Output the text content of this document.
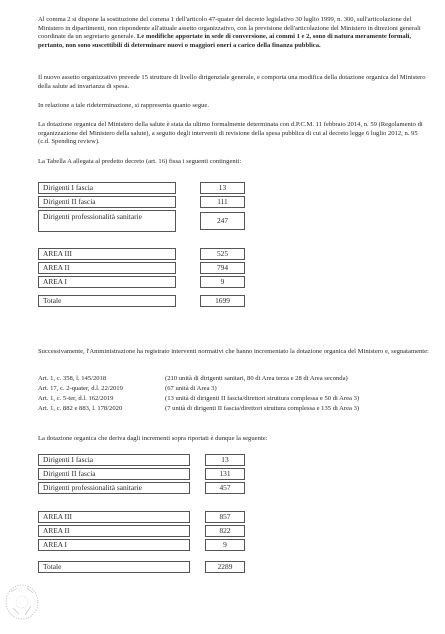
Al comma 2 si dispone la sostituzione del comma 1 dell'articolo 47-quater del decreto legislativo 30 luglio 1999, n. 300, sull'articolazione del Ministero in dipartimenti, non rispondente all'attuale assetto organizzativo, con la previsione dell'articolazione del Ministero in direzioni generali coordinate da un segretario generale. Le modifiche apportate in sede di conversione, ai commi 1 e 2, sono di natura meramente formali, pertanto, non sono suscettibili di determinare nuovi o maggiori oneri a carico della finanza pubblica.

Il nuovo assetto organizzativo prevede 15 strutture di livello dirigenziale generale, e comporta una modifica della dotazione organica del Ministero della salute ad invarianza di spesa.

In relazione a tale rideterminazione, si rappresenta quanto segue.

La dotazione organica del Ministero della salute è stata da ultimo formalmente determinata con d.P.C.M. 11 febbraio 2014, n. 59 (Regolamento di organizzazione del Ministero della salute), a seguito degli interventi di revisione della spesa pubblica di cui al decreto legge 6 luglio 2012, n. 95 (c.d. Spending review).

La Tabella A allegata al predetto decreto (art. 16) fissa i seguenti contingenti:

Dirigenti I fascia	13
Dirigenti II fascia	111
Dirigenti professionalità sanitarie	247
AREA III	525
AREA II	794
AREA I	9
Totale	1699

Successivamente, l'Amministrazione ha registrato interventi normativi che hanno incrementato la dotazione organica del Ministero e, segnatamente:

Art. 1, c. 358, l. 145/2018	(210 unità di dirigenti sanitari, 80 di Area terza e 28 di Area seconda)
Art. 17, c. 2-quater, d.l. 22/2019	(67 unità di Area 3)
Art. 1, c. 5-ter, d.l. 162/2019	(13 unità di dirigenti II fascia/direttori struttura complessa e 50 di Area 3)
Art. 1, c. 882 e 883, l. 178/2020	(7 unità di dirigenti II fascia/direttori struttura complessa e 135 di Area 3)

La dotazione organica che deriva dagli incrementi sopra riportati è dunque la seguente:

Dirigenti I fascia	13
Dirigenti II fascia	131
Dirigenti professionalità sanitarie	457
AREA III	857
AREA II	822
AREA I	9
Totale	2289
